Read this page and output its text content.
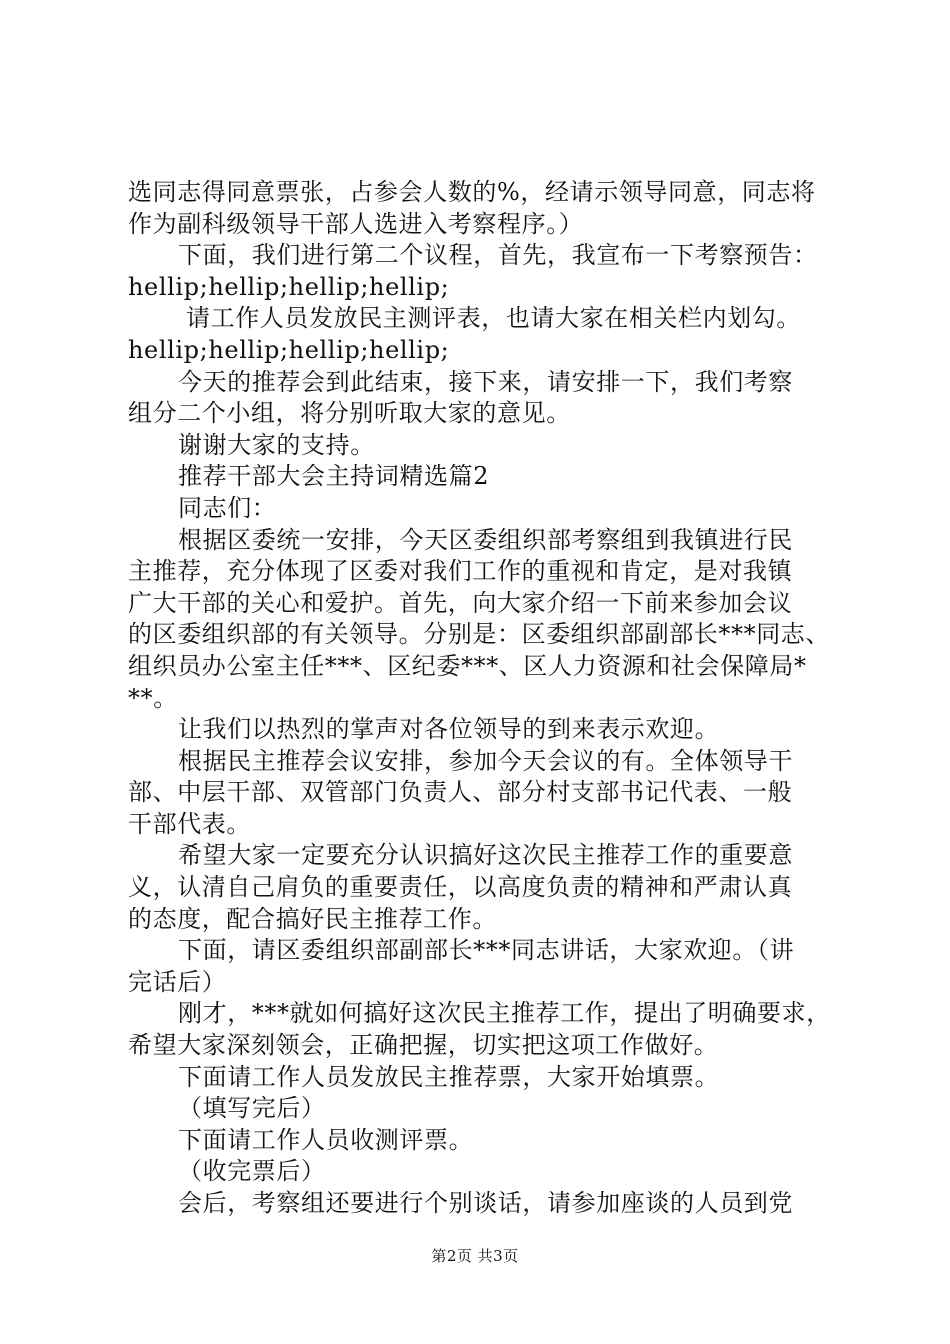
选同志得同意票张，占参会人数的%，经请示领导同意，同志将
作为副科级领导干部人选进入考察程序。）
下面，我们进行第二个议程，首先，我宣布一下考察预告：
hellip;hellip;hellip;hellip;
请工作人员发放民主测评表，也请大家在相关栏内划勾。
hellip;hellip;hellip;hellip;
今天的推荐会到此结束，接下来，请安排一下，我们考察
组分二个小组，将分别听取大家的意见。
谢谢大家的支持。
推荐干部大会主持词精选篇2
同志们：
根据区委统一安排，今天区委组织部考察组到我镇进行民
主推荐，充分体现了区委对我们工作的重视和肯定，是对我镇
广大干部的关心和爱护。首先，向大家介绍一下前来参加会议
的区委组织部的有关领导。分别是：区委组织部副部长***同志、
组织员办公室主任***、区纪委***、区人力资源和社会保障局*
**。
让我们以热烈的掌声对各位领导的到来表示欢迎。
根据民主推荐会议安排，参加今天会议的有。全体领导干
部、中层干部、双管部门负责人、部分村支部书记代表、一般
干部代表。
希望大家一定要充分认识搞好这次民主推荐工作的重要意
义，认清自己肩负的重要责任，以高度负责的精神和严肃认真
的态度，配合搞好民主推荐工作。
下面，请区委组织部副部长***同志讲话，大家欢迎。（讲
完话后）
刚才，***就如何搞好这次民主推荐工作，提出了明确要求，
希望大家深刻领会，正确把握，切实把这项工作做好。
下面请工作人员发放民主推荐票，大家开始填票。
（填写完后）
下面请工作人员收测评票。
（收完票后）
会后，考察组还要进行个别谈话，请参加座谈的人员到党
第2页 共3页
